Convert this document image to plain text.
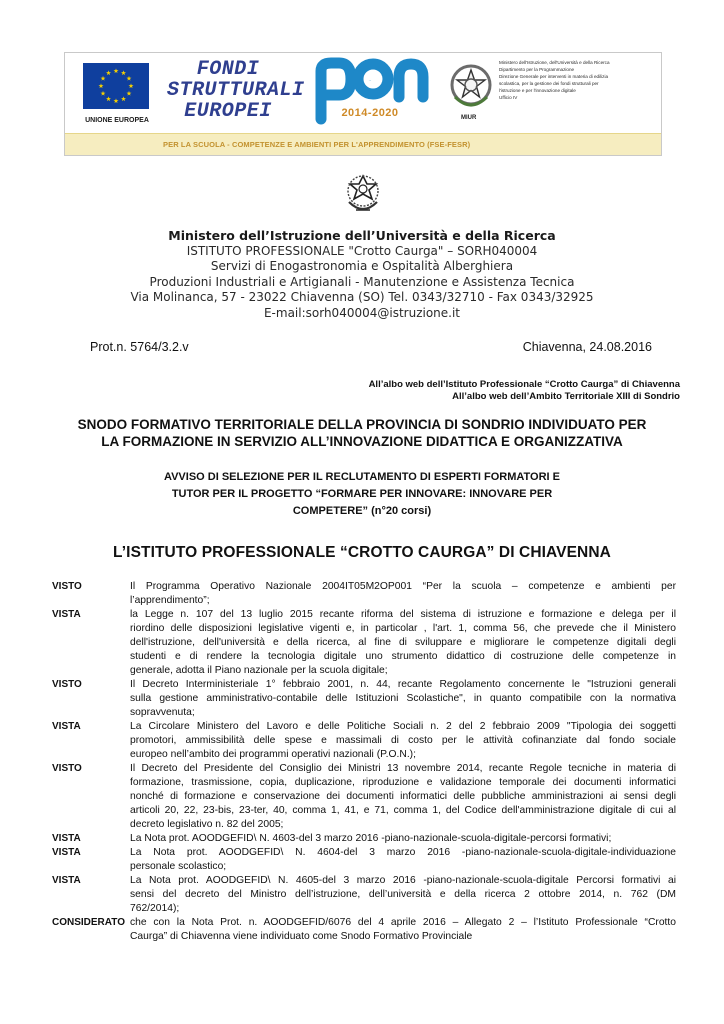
UNIONE EUROPEA
FONDI
STRUTTURALI
EUROPEI
PON
2014-2020	MIUR
Ministero dell'Istruzione, dell'Università e della Ricerca
Dipartimento per la Programmazione
Direzione Generale per interventi in materia di edilizia
scolastica, per la gestione dei fondi strutturali per
l'istruzione e per l'innovazione digitale
Ufficio IV
PER LA SCUOLA - COMPETENZE E AMBIENTI PER L'APPRENDIMENTO (FSE-FESR)
Ministero dell’Istruzione dell’Università e della Ricerca
ISTITUTO PROFESSIONALE "Crotto Caurga" – SORH040004
Servizi di Enogastronomia e Ospitalità Alberghiera
Produzioni Industriali e Artigianali - Manutenzione e Assistenza Tecnica
Via Molinanca, 57 - 23022 Chiavenna (SO) Tel. 0343/32710 - Fax 0343/32925
E-mail:sorh040004@istruzione.it
Prot.n. 5764/3.2.v	Chiavenna, 24.08.2016
All’albo web dell’Istituto Professionale “Crotto Caurga” di Chiavenna
All’albo web dell’Ambito Territoriale XIII di Sondrio
SNODO FORMATIVO TERRITORIALE DELLA PROVINCIA DI SONDRIO INDIVIDUATO PER
LA FORMAZIONE IN SERVIZIO ALL’INNOVAZIONE DIDATTICA E ORGANIZZATIVA
AVVISO DI SELEZIONE PER IL RECLUTAMENTO DI ESPERTI FORMATORI E
TUTOR PER IL PROGETTO “FORMARE PER INNOVARE: INNOVARE PER
COMPETERE” (n°20 corsi)
L’ISTITUTO PROFESSIONALE “CROTTO CAURGA” DI CHIAVENNA
VISTO	Il Programma Operativo Nazionale 2004IT05M2OP001 “Per la scuola – competenze e ambienti per
l’apprendimento”;
VISTA	la Legge n. 107 del 13 luglio 2015 recante riforma del sistema di istruzione e formazione e delega per il
riordino delle disposizioni legislative vigenti e, in particolar , l'art. 1, comma 56, che prevede che il Ministero
dell'istruzione, dell'università e della ricerca, al fine di sviluppare e migliorare le competenze digitali degli
studenti e di rendere la tecnologia digitale uno strumento didattico di costruzione delle competenze in
generale, adotta il Piano nazionale per la scuola digitale;
VISTO	Il Decreto Interministeriale 1° febbraio 2001, n. 44, recante Regolamento concernente le "Istruzioni generali
sulla gestione amministrativo-contabile delle Istituzioni Scolastiche", in quanto compatibile con la normativa
sopravvenuta;
VISTA	La Circolare Ministero del Lavoro e delle Politiche Sociali n. 2 del 2 febbraio 2009 "Tipologia dei soggetti
promotori, ammissibilità delle spese e massimali di costo per le attività cofinanziate dal fondo sociale
europeo nell’ambito dei programmi operativi nazionali (P.O.N.);
VISTO	Il Decreto del Presidente del Consiglio dei Ministri 13 novembre 2014, recante Regole tecniche in materia di
formazione, trasmissione, copia, duplicazione, riproduzione e validazione temporale dei documenti informatici
nonché di formazione e conservazione dei documenti informatici delle pubbliche amministrazioni ai sensi degli
articoli 20, 22, 23-bis, 23-ter, 40, comma 1, 41, e 71, comma 1, del Codice dell'amministrazione digitale di cui al
decreto legislativo n. 82 del 2005;
VISTA	La Nota prot. AOODGEFID\ N. 4603-del 3 marzo 2016 -piano-nazionale-scuola-digitale-percorsi formativi;
VISTA	La Nota prot. AOODGEFID\ N. 4604-del 3 marzo 2016 -piano-nazionale-scuola-digitale-individuazione
personale scolastico;
VISTA	La Nota prot. AOODGEFID\ N. 4605-del 3 marzo 2016 -piano-nazionale-scuola-digitale Percorsi formativi ai
sensi del decreto del Ministro dell’istruzione, dell’università e della ricerca 2 ottobre 2014, n. 762 (DM
762/2014);
CONSIDERATO che con la Nota Prot. n. AOODGEFID/6076 del 4 aprile 2016 – Allegato 2 – l’Istituto Professionale “Crotto
Caurga” di Chiavenna viene individuato come Snodo Formativo Provinciale
